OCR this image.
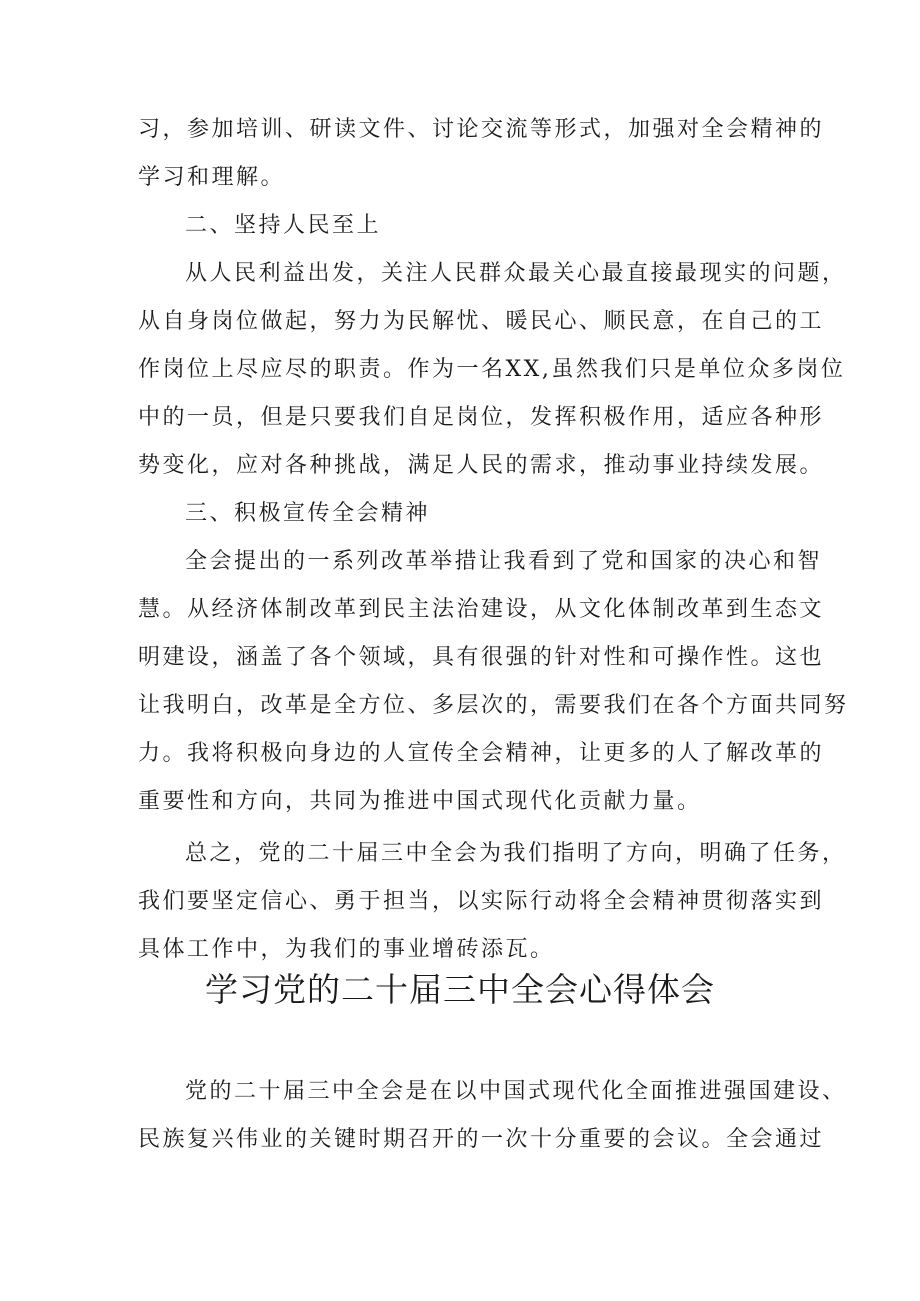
习，参加培训、研读文件、讨论交流等形式，加强对全会精神的
学习和理解。
二、坚持人民至上
从人民利益出发，关注人民群众最关心最直接最现实的问题，
从自身岗位做起，努力为民解忧、暖民心、顺民意，在自己的工
作岗位上尽应尽的职责。作为一名XX,虽然我们只是单位众多岗位
中的一员，但是只要我们自足岗位，发挥积极作用，适应各种形
势变化，应对各种挑战，满足人民的需求，推动事业持续发展。
三、积极宣传全会精神
全会提出的一系列改革举措让我看到了党和国家的决心和智
慧。从经济体制改革到民主法治建设，从文化体制改革到生态文
明建设，涵盖了各个领域，具有很强的针对性和可操作性。这也
让我明白，改革是全方位、多层次的，需要我们在各个方面共同努
力。我将积极向身边的人宣传全会精神，让更多的人了解改革的
重要性和方向，共同为推进中国式现代化贡献力量。
总之，党的二十届三中全会为我们指明了方向，明确了任务，
我们要坚定信心、勇于担当，以实际行动将全会精神贯彻落实到
具体工作中，为我们的事业增砖添瓦。
学习党的二十届三中全会心得体会
党的二十届三中全会是在以中国式现代化全面推进强国建设、
民族复兴伟业的关键时期召开的一次十分重要的会议。全会通过
